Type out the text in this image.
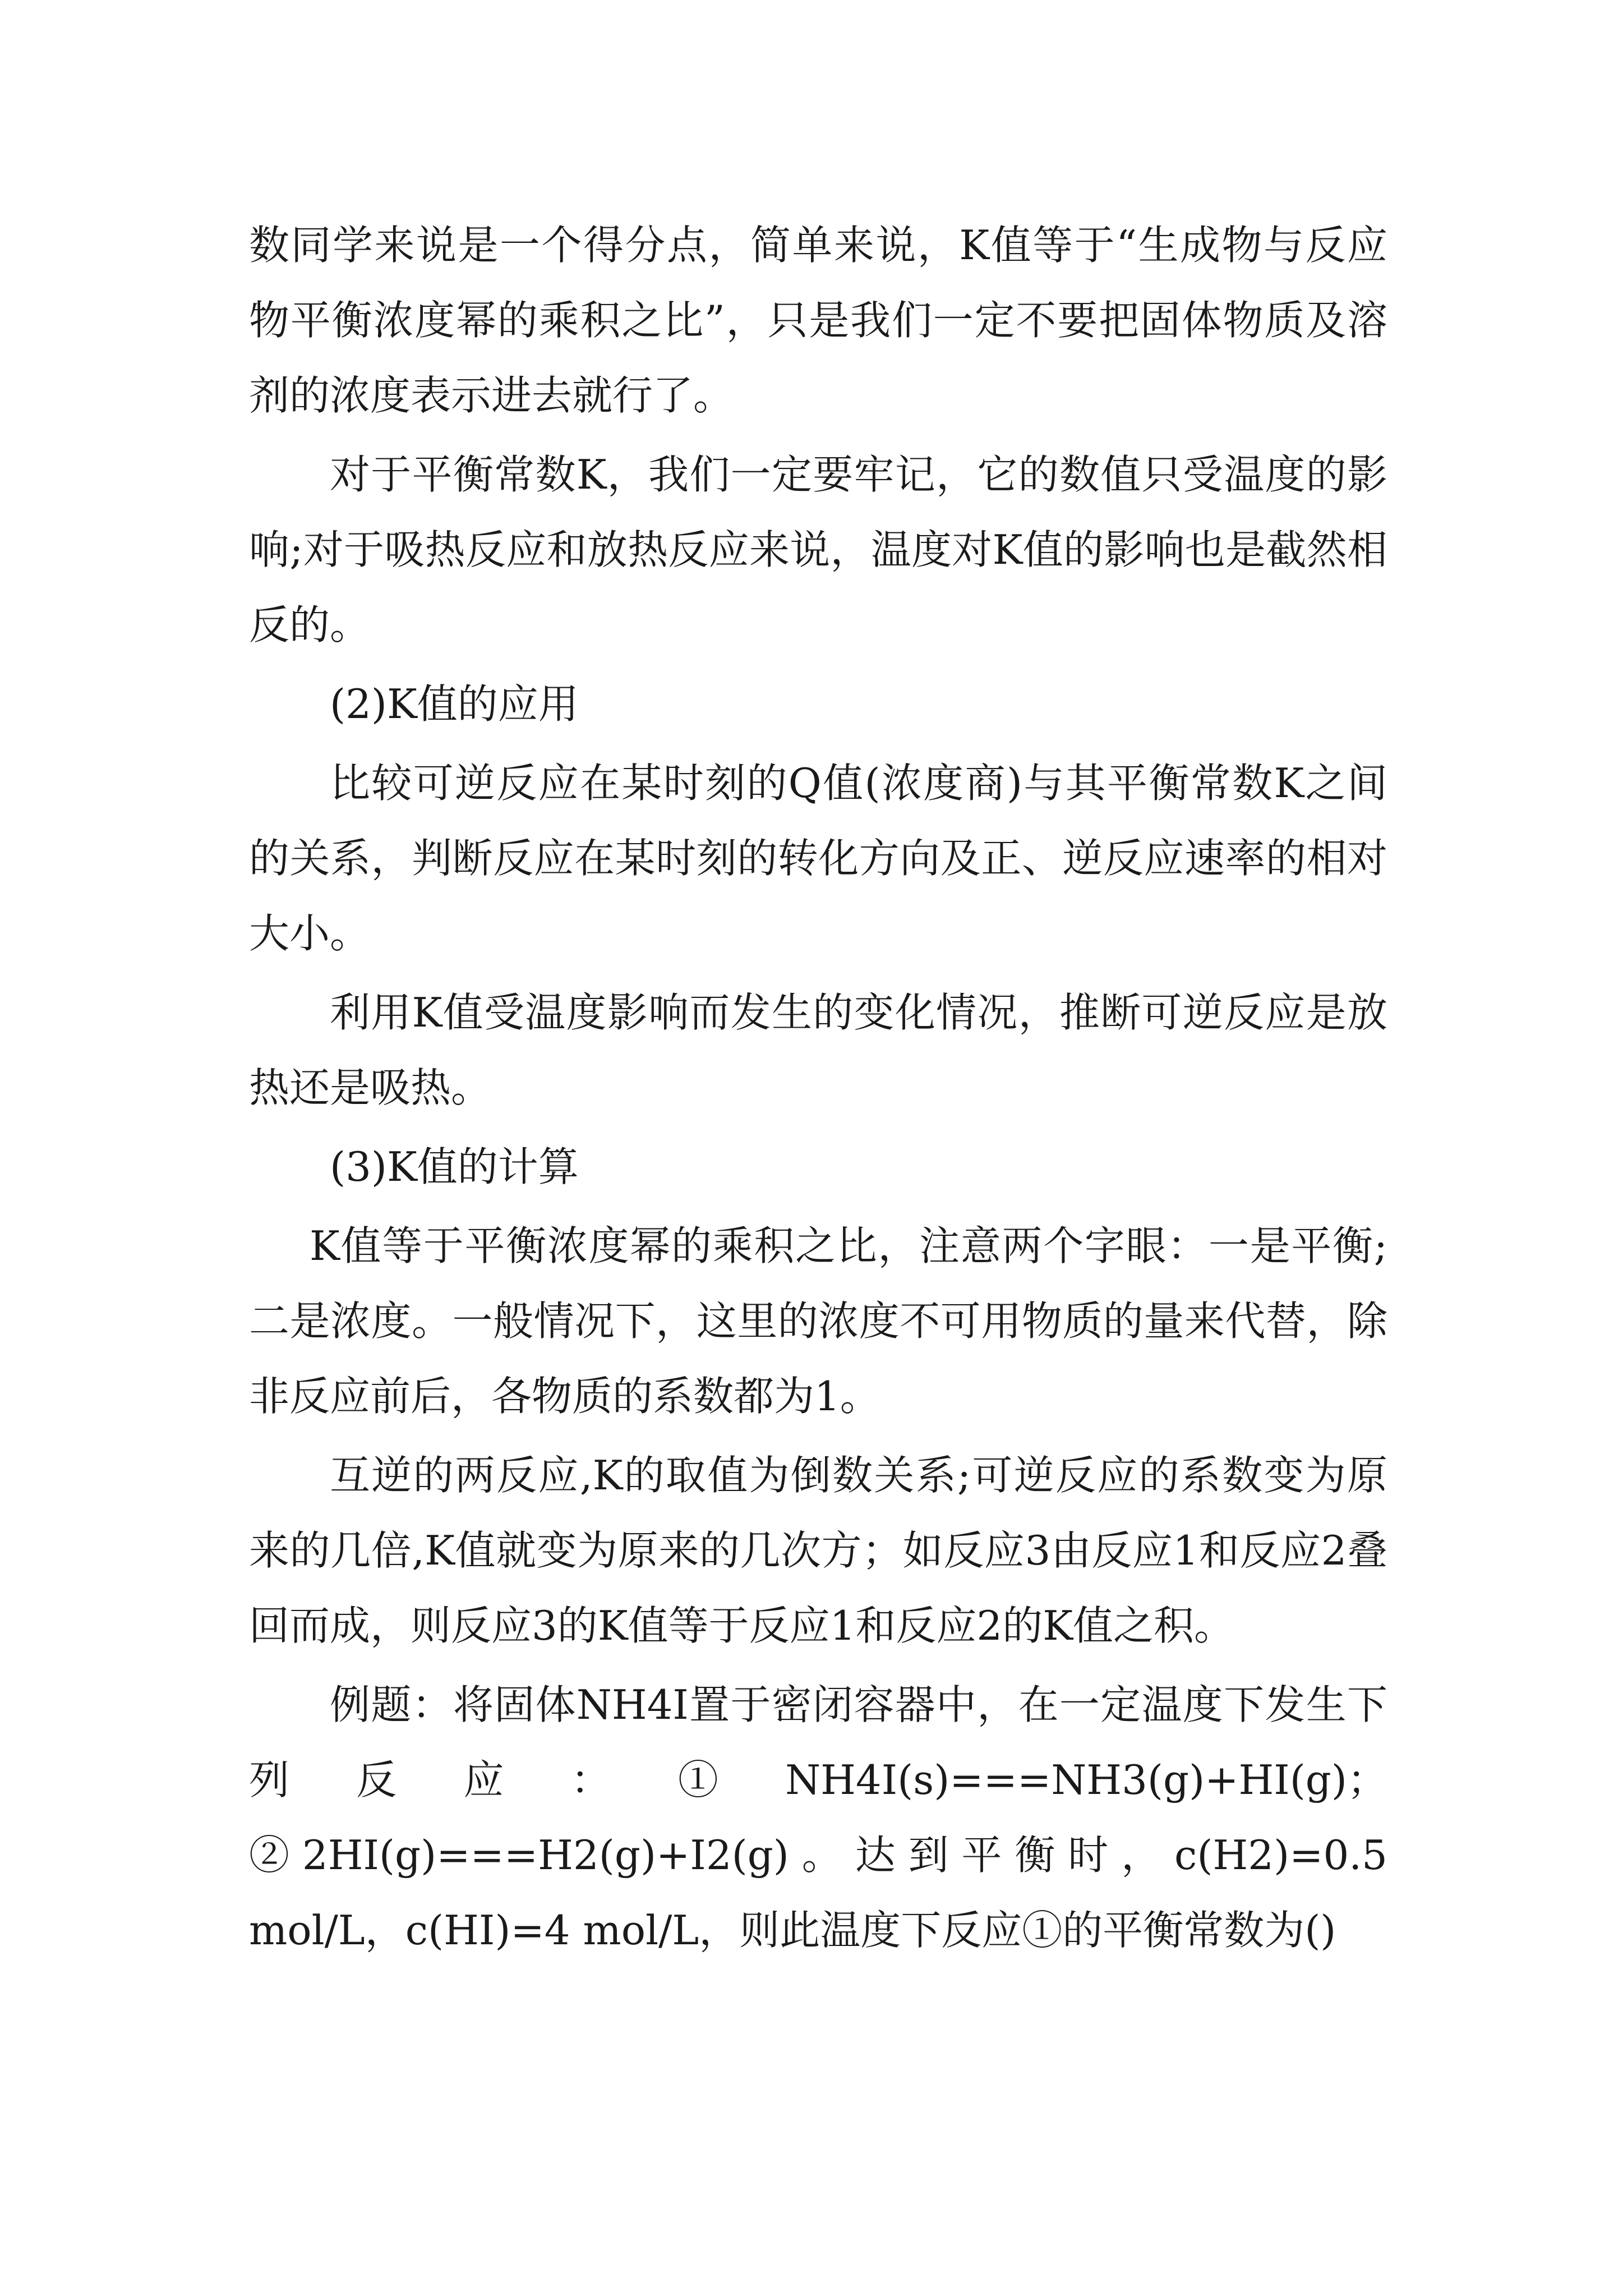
数同学来说是一个得分点，简单来说，K值等于“生成物与反应物平衡浓度幂的乘积之比”，只是我们一定不要把固体物质及溶剂的浓度表示进去就行了。

对于平衡常数K，我们一定要牢记，它的数值只受温度的影响;对于吸热反应和放热反应来说，温度对K值的影响也是截然相反的。

(2)K值的应用

比较可逆反应在某时刻的Q值(浓度商)与其平衡常数K之间的关系，判断反应在某时刻的转化方向及正、逆反应速率的相对大小。

利用K值受温度影响而发生的变化情况，推断可逆反应是放热还是吸热。

(3)K值的计算

K值等于平衡浓度幂的乘积之比，注意两个字眼：一是平衡;二是浓度。一般情况下，这里的浓度不可用物质的量来代替，除非反应前后，各物质的系数都为1。

互逆的两反应,K的取值为倒数关系;可逆反应的系数变为原来的几倍,K值就变为原来的几次方；如反应3由反应1和反应2叠回而成，则反应3的K值等于反应1和反应2的K值之积。

例题：将固体NH4I置于密闭容器中，在一定温度下发生下列反应：①NH4I(s)===NH3(g)+HI(g)；②2HI(g)===H2(g)+I2(g)。达到平衡时，c(H2)=0.5 mol/L，c(HI)=4 mol/L，则此温度下反应①的平衡常数为()
